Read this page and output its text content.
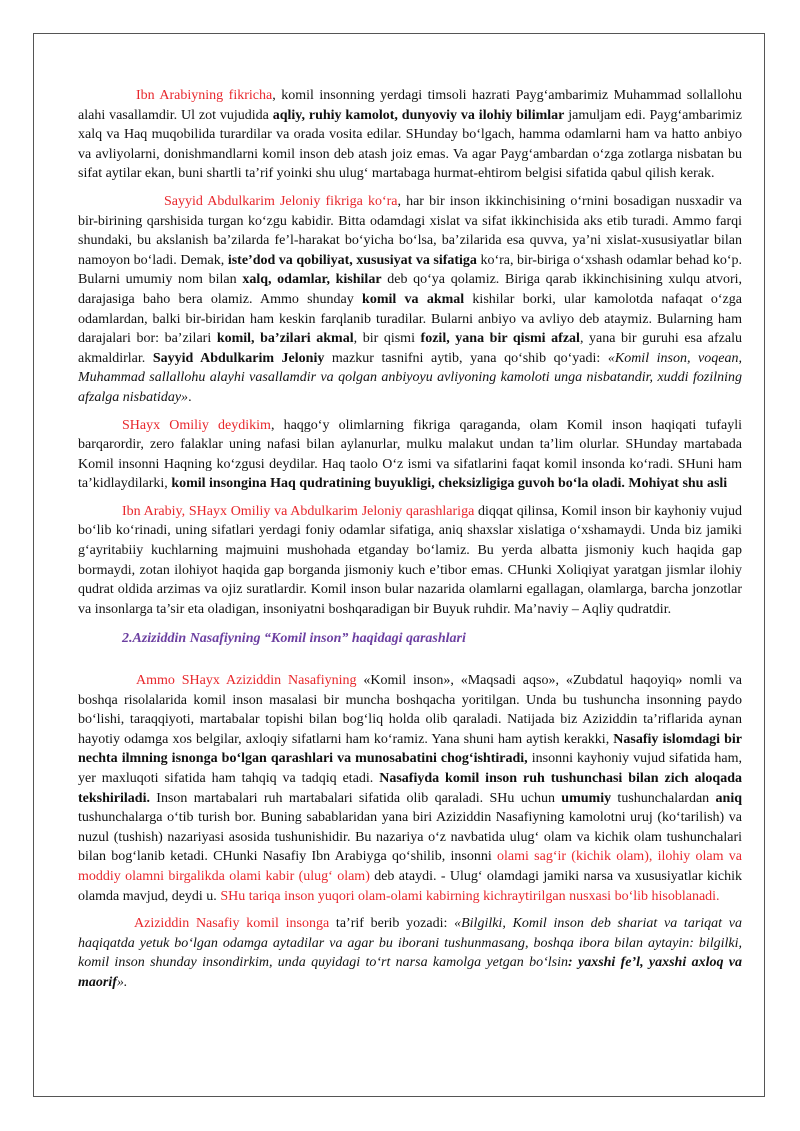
Ibn Arabiyning fikricha, komil insonning yerdagi timsoli hazrati Payg‘ambarimiz Muhammad sollallohu alahi vasallamdir. Ul zot vujudida aqliy, ruhiy kamolot, dunyoviy va ilohiy bilimlar jamuljam edi. Payg‘ambarimiz xalq va Haq muqobilida turardilar va orada vosita edilar. SHunday bo‘lgach, hamma odamlarni ham va hatto anbiyo va avliyolarni, donishmandlarni komil inson deb atash joiz emas. Va agar Payg‘ambardan o‘zga zotlarga nisbatan bu sifat aytilar ekan, buni shartli ta’rif yoinki shu ulug‘ martabaga hurmat-ehtirom belgisi sifatida qabul qilish kerak.

Sayyid Abdulkarim Jeloniy fikriga ko‘ra, har bir inson ikkinchisining o‘rnini bosadigan nusxadir va bir-birining qarshisida turgan ko‘zgu kabidir. Bitta odamdagi xislat va sifat ikkinchisida aks etib turadi. Ammo farqi shundaki, bu akslanish ba’zilarda fe’l-harakat bo‘yicha bo‘lsa, ba’zilarida esa quvva, ya’ni xislat-xususiyatlar bilan namoyon bo‘ladi. Demak, iste’dod va qobiliyat, xususiyat va sifatiga ko‘ra, bir-biriga o‘xshash odamlar behad ko‘p. Bularni umumiy nom bilan xalq, odamlar, kishilar deb qo‘ya qolamiz. Biriga qarab ikkinchisining xulqu atvori, darajasiga baho bera olamiz. Ammo shunday komil va akmal kishilar borki, ular kamolotda nafaqat o‘zga odamlardan, balki bir-biridan ham keskin farqlanib turadilar. Bularni anbiyo va avliyo deb ataymiz. Bularning ham darajalari bor: ba’zilari komil, ba’zilari akmal, bir qismi fozil, yana bir qismi afzal, yana bir guruhi esa afzalu akmaldirlar. Sayyid Abdulkarim Jeloniy mazkur tasnifni aytib, yana qo‘shib qo‘yadi: «Komil inson, voqean, Muhammad sallallohu alayhi vasallamdir va qolgan anbiyoyu avliyoning kamoloti unga nisbatandir, xuddi fozilning afzalga nisbatiday».

SHayx Omiliy deydikim, haqgo‘y olimlarning fikriga qaraganda, olam Komil inson haqiqati tufayli barqarordir, zero falaklar uning nafasi bilan aylanurlar, mulku malakut undan ta’lim olurlar. SHunday martabada Komil insonni Haqning ko‘zgusi deydilar. Haq taolo O‘z ismi va sifatlarini faqat komil insonda ko‘radi. SHuni ham ta’kidlaydilarki, komil insongina Haq qudratining buyukligi, cheksizligiga guvoh bo‘la oladi. Mohiyat shu asli

Ibn Arabiy, SHayx Omiliy va Abdulkarim Jeloniy qarashlariga diqqat qilinsa, Komil inson bir kayhoniy vujud bo‘lib ko‘rinadi, uning sifatlari yerdagi foniy odamlar sifatiga, aniq shaxslar xislatiga o‘xshamaydi. Unda biz jamiki g‘ayritabiiy kuchlarning majmuini mushohada etganday bo‘lamiz. Bu yerda albatta jismoniy kuch haqida gap bormaydi, zotan ilohiyot haqida gap borganda jismoniy kuch e’tibor emas. CHunki Xoliqiyat yaratgan jismlar ilohiy qudrat oldida arzimas va ojiz suratlardir. Komil inson bular nazarida olamlarni egallagan, olamlarga, barcha jonzotlar va insonlarga ta’sir eta oladigan, insoniyatni boshqaradigan bir Buyuk ruhdir. Ma’naviy – Aqliy qudratdir.

2.Aziziddin Nasafiyning “Komil inson” haqidagi qarashlari

Ammo SHayx Aziziddin Nasafiyning «Komil inson», «Maqsadi aqso», «Zubdatul haqoyiq» nomli va boshqa risolalarida komil inson masalasi bir muncha boshqacha yoritilgan. Unda bu tushuncha insonning paydo bo‘lishi, taraqqiyoti, martabalar topishi bilan bog‘liq holda olib qaraladi. Natijada biz Aziziddin ta’riflarida aynan hayotiy odamga xos belgilar, axloqiy sifatlarni ham ko‘ramiz. Yana shuni ham aytish kerakki, Nasafiy islomdagi bir nechta ilmning isnonga bo‘lgan qarashlari va munosabatini chog‘ishtiradi, insonni kayhoniy vujud sifatida ham, yer maxluqoti sifatida ham tahqiq va tadqiq etadi. Nasafiyda komil inson ruh tushunchasi bilan zich aloqada tekshiriladi. Inson martabalari ruh martabalari sifatida olib qaraladi. SHu uchun umumiy tushunchalardan aniq tushunchalarga o‘tib turish bor. Buning sabablaridan yana biri Aziziddin Nasafiyning kamolotni uruj (ko‘tarilish) va nuzul (tushish) nazariyasi asosida tushunishidir. Bu nazariya o‘z navbatida ulug‘ olam va kichik olam tushunchalari bilan bog‘lanib ketadi. CHunki Nasafiy Ibn Arabiyga qo‘shilib, insonni olami sag‘ir (kichik olam), ilohiy olam va moddiy olamni birgalikda olami kabir (ulug‘ olam) deb ataydi. - Ulug‘ olamdagi jamiki narsa va xususiyatlar kichik olamda mavjud, deydi u. SHu tariqa inson yuqori olam-olami kabirning kichraytirilgan nusxasi bo‘lib hisoblanadi.

Aziziddin Nasafiy komil insonga ta’rif berib yozadi: «Bilgilki, Komil inson deb shariat va tariqat va haqiqatda yetuk bo‘lgan odamga aytadilar va agar bu iborani tushunmasang, boshqa ibora bilan aytayin: bilgilki, komil inson shunday insondirkim, unda quyidagi to‘rt narsa kamolga yetgan bo‘lsin: yaxshi fe’l, yaxshi axloq va maorif».
